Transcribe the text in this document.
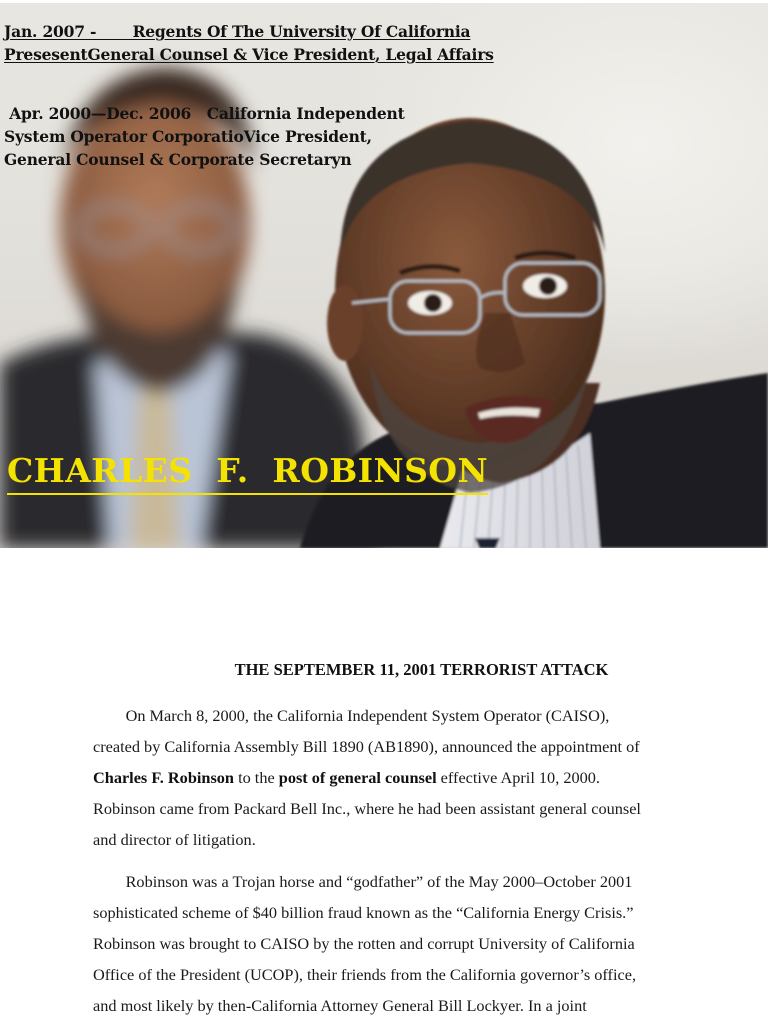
Jan. 2007 -       Regents Of The University Of California
PresesentGeneral Counsel & Vice President, Legal Affairs
Apr. 2000—Dec. 2006   California Independent
System Operator CorporatioVice President,
General Counsel & Corporate Secretaryn
CHARLES  F.  ROBINSON
THE SEPTEMBER 11, 2001 TERRORIST ATTACK
On March 8, 2000, the California Independent System Operator (CAISO),
created by California Assembly Bill 1890 (AB1890), announced the appointment of
Charles F. Robinson to the post of general counsel effective April 10, 2000.
Robinson came from Packard Bell Inc., where he had been assistant general counsel
and director of litigation.
Robinson was a Trojan horse and “godfather” of the May 2000–October 2001
sophisticated scheme of $40 billion fraud known as the “California Energy Crisis.”
Robinson was brought to CAISO by the rotten and corrupt University of California
Office of the President (UCOP), their friends from the California governor’s office,
and most likely by then-California Attorney General Bill Lockyer. In a joint
